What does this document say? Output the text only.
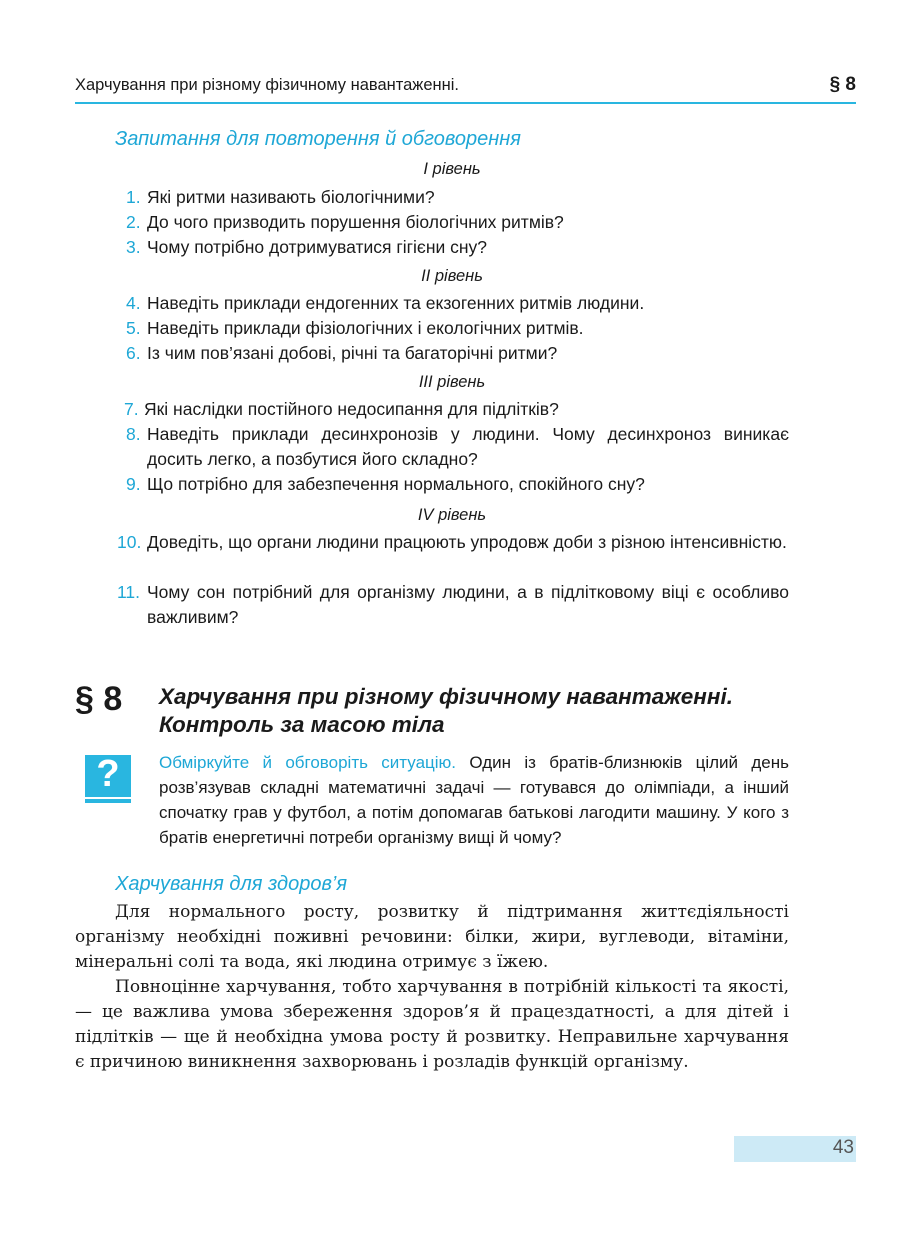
Харчування при різному фізичному навантаженні.	§ 8
Запитання для повторення й обговорення
І рівень
1. Які ритми називають біологічними?
2. До чого призводить порушення біологічних ритмів?
3. Чому потрібно дотримуватися гігієни сну?
ІІ рівень
4. Наведіть приклади ендогенних та екзогенних ритмів людини.
5. Наведіть приклади фізіологічних і екологічних ритмів.
6. Із чим пов’язані добові, річні та багаторічні ритми?
ІІІ рівень
7. Які наслідки постійного недосипання для підлітків?
8. Наведіть приклади десинхронозів у людини. Чому десинхроноз виникає досить легко, а позбутися його складно?
9. Що потрібно для забезпечення нормального, спокійного сну?
ІV рівень
10. Доведіть, що органи людини працюють упродовж доби з різною інтенсивністю.
11. Чому сон потрібний для організму людини, а в підлітковому віці є особливо важливим?
§ 8 Харчування при різному фізичному навантаженні. Контроль за масою тіла
?	Обміркуйте й обговоріть ситуацію. Один із братів-близнюків цілий день розв’язував складні математичні задачі — готувався до олімпіади, а інший спочатку грав у футбол, а потім допомагав батькові лагодити машину. У кого з братів енергетичні потреби організму вищі й чому?
Харчування для здоров’я
Для нормального росту, розвитку й підтримання життєдіяльності організму необхідні поживні речовини: білки, жири, вуглеводи, вітаміни, мінеральні солі та вода, які людина отримує з їжею.
Повноцінне харчування, тобто харчування в потрібній кількості та якості,— це важлива умова збереження здоров’я й працездатності, а для дітей і підлітків — ще й необхідна умова росту й розвитку. Неправильне харчування є причиною виникнення захворювань і розладів функцій організму.
43
